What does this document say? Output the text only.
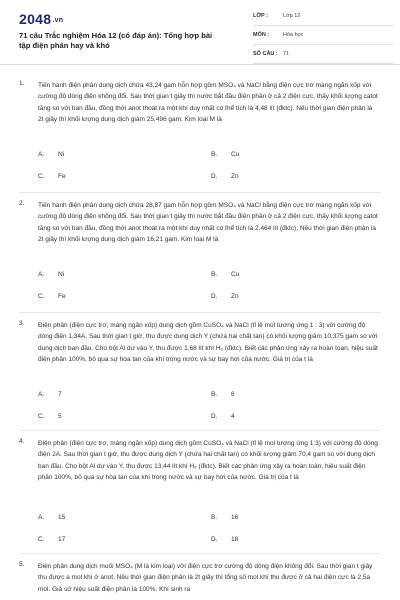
2048.vn
71 câu Trắc nghiệm Hóa 12 (có đáp án): Tổng hợp bài tập điện phân hay và khó
LỚP :	Lớp 12
MÔN :	Hóa học
SỐ CÂU : 71
1. Tiến hành điện phân dung dịch chứa 43,24 gam hỗn hợp gồm MSO₄ và NaCl bằng điện cực trơ màng ngăn xốp với cường độ dòng điện không đổi. Sau thời gian t giây thì nước bắt đầu điện phân ở cả 2 điện cực, thấy khối lượng catot tăng so với ban đầu, đồng thời anot thoát ra một khí duy nhất có thể tích là 4,48 lít (đktc). Nếu thời gian điện phân là 2t giây thì khối lượng dung dịch giảm 25,496 gam. Kim loại M là

A. Ni	B. Cu
C. Fe	D. Zn
2. Tiến hành điện phân dung dịch chứa 28,87 gam hỗn hợp gồm MSO₄ và NaCl bằng điện cực trơ màng ngăn xốp với cường độ dòng điện không đổi. Sau thời gian t giây thì nước bắt đầu điện phân ở cả 2 điện cực, thấy khối lượng catot tăng so với ban đầu, đồng thời anot thoát ra một khí duy nhất có thể tích là 2,464 lít (đktc). Nếu thời gian điện phân là 2t giây thì khối lượng dung dịch giảm 16,21 gam. Kim loại M là

A. Ni	B. Cu
C. Fe	D. Zn
3. Điện phân (điện cực trơ, màng ngăn xốp) dung dịch gồm CuSO₄ và NaCl (tỉ lệ mol tương ứng 1 : 3) với cường độ dòng điện 1,34A. Sau thời gian t giờ, thu được dung dịch Y (chứa hai chất tan) có khối lượng giảm 10,375 gam so với dung dịch ban đầu. Cho bột Al dư vào Y, thu được 1,68 lít khí H₂ (đktc). Biết các phản ứng xảy ra hoàn toàn, hiệu suất điện phân 100%, bỏ qua sự hòa tan của khí trong nước và sự bay hơi của nước. Giá trị của t là

A. 7	B. 6
C. 5	D. 4
4. Điện phân (điện cực trơ, màng ngăn xốp) dung dịch gồm CuSO₄ và NaCl (tỉ lệ mol tương ứng 1:3) với cường độ dòng điện 2A. Sau thời gian t giờ, thu được dung dịch Y (chứa hai chất tan) có khối lượng giảm 70,4 gam so với dung dịch ban đầu. Cho bột Al dư vào Y, thu được 13,44 lít khí H₂ (đktc). Biết các phản ứng xảy ra hoàn toàn, hiệu suất điện phân 100%, bỏ qua sự hòa tan của khí trong nước và sự bay hơi của nước. Giá trị của t là

A. 15	B. 16
C. 17	D. 18
5. Điện phân dung dịch muối MSO₄ (M là kim loại) với điện cực trơ cường độ dòng điện không đổi. Sau thời gian t giây thu được a mol khí ở anot. Nếu thời gian điện phân là 2t giây thì tổng số mol khí thu được ở cả hai điện cực là 2,5a mol. Giả sử hiệu suất điện phân là 100%. Khí sinh ra
